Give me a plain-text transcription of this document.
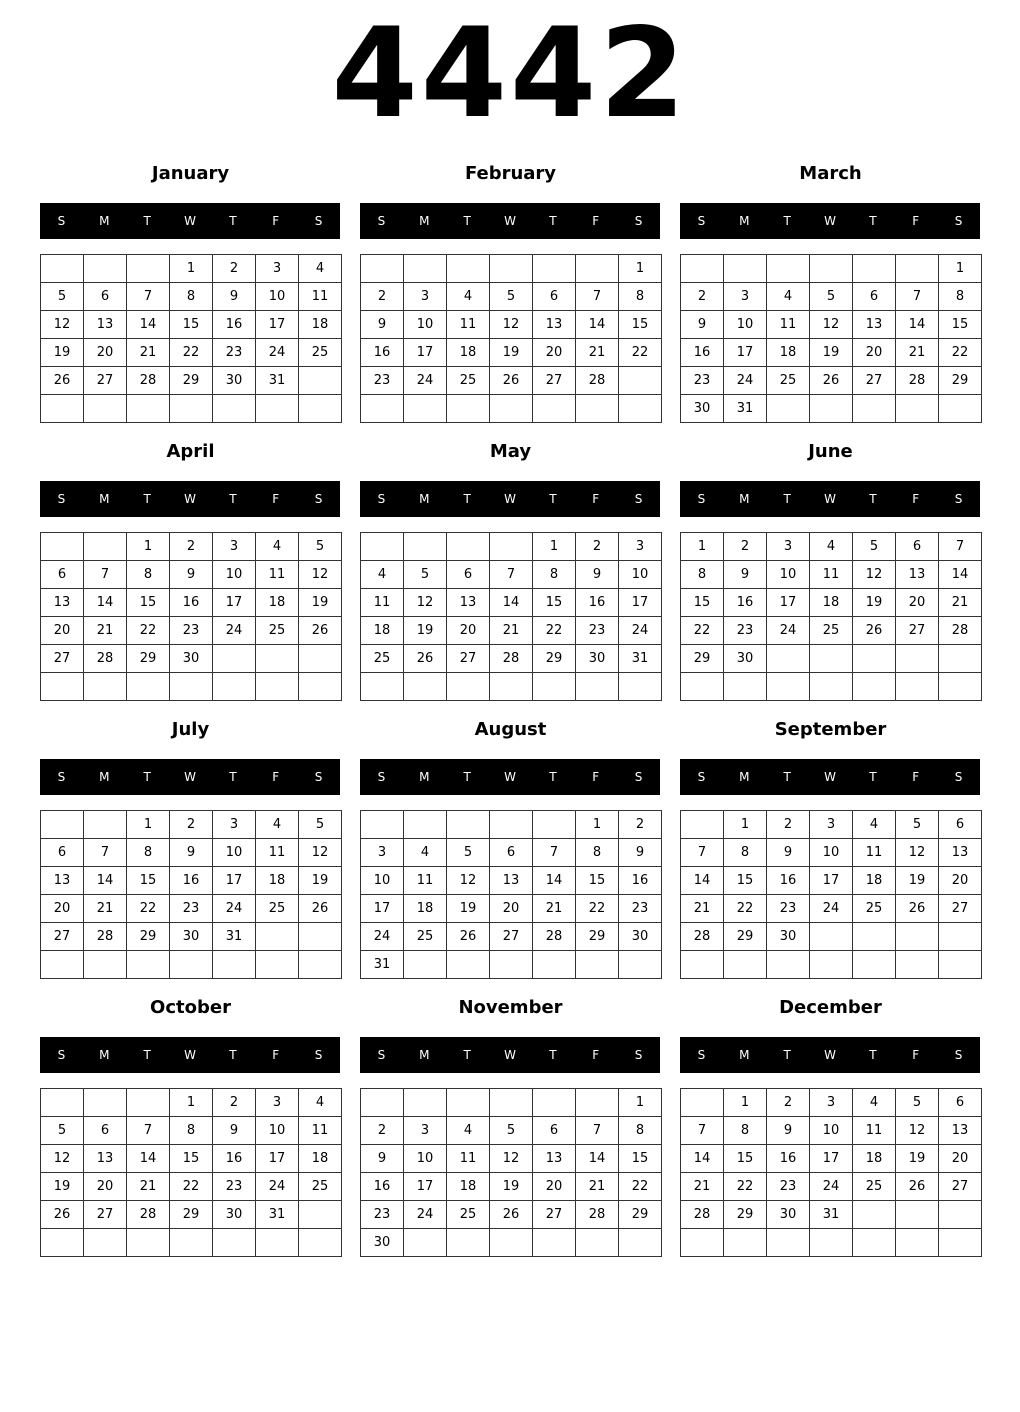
4442
January
S	M	T	W	T	F	S
			1	2	3	4
5	6	7	8	9	10	11
12	13	14	15	16	17	18
19	20	21	22	23	24	25
26	27	28	29	30	31	

February
S	M	T	W	T	F	S
						1
2	3	4	5	6	7	8
9	10	11	12	13	14	15
16	17	18	19	20	21	22
23	24	25	26	27	28	

March
S	M	T	W	T	F	S
						1
2	3	4	5	6	7	8
9	10	11	12	13	14	15
16	17	18	19	20	21	22
23	24	25	26	27	28	29
30	31					
April
S	M	T	W	T	F	S
		1	2	3	4	5
6	7	8	9	10	11	12
13	14	15	16	17	18	19
20	21	22	23	24	25	26
27	28	29	30			

May
S	M	T	W	T	F	S
				1	2	3
4	5	6	7	8	9	10
11	12	13	14	15	16	17
18	19	20	21	22	23	24
25	26	27	28	29	30	31

June
S	M	T	W	T	F	S
1	2	3	4	5	6	7
8	9	10	11	12	13	14
15	16	17	18	19	20	21
22	23	24	25	26	27	28
29	30					

July
S	M	T	W	T	F	S
		1	2	3	4	5
6	7	8	9	10	11	12
13	14	15	16	17	18	19
20	21	22	23	24	25	26
27	28	29	30	31		

August
S	M	T	W	T	F	S
					1	2
3	4	5	6	7	8	9
10	11	12	13	14	15	16
17	18	19	20	21	22	23
24	25	26	27	28	29	30
31						
September
S	M	T	W	T	F	S
	1	2	3	4	5	6
7	8	9	10	11	12	13
14	15	16	17	18	19	20
21	22	23	24	25	26	27
28	29	30				

October
S	M	T	W	T	F	S
			1	2	3	4
5	6	7	8	9	10	11
12	13	14	15	16	17	18
19	20	21	22	23	24	25
26	27	28	29	30	31	

November
S	M	T	W	T	F	S
						1
2	3	4	5	6	7	8
9	10	11	12	13	14	15
16	17	18	19	20	21	22
23	24	25	26	27	28	29
30						
December
S	M	T	W	T	F	S
	1	2	3	4	5	6
7	8	9	10	11	12	13
14	15	16	17	18	19	20
21	22	23	24	25	26	27
28	29	30	31			
